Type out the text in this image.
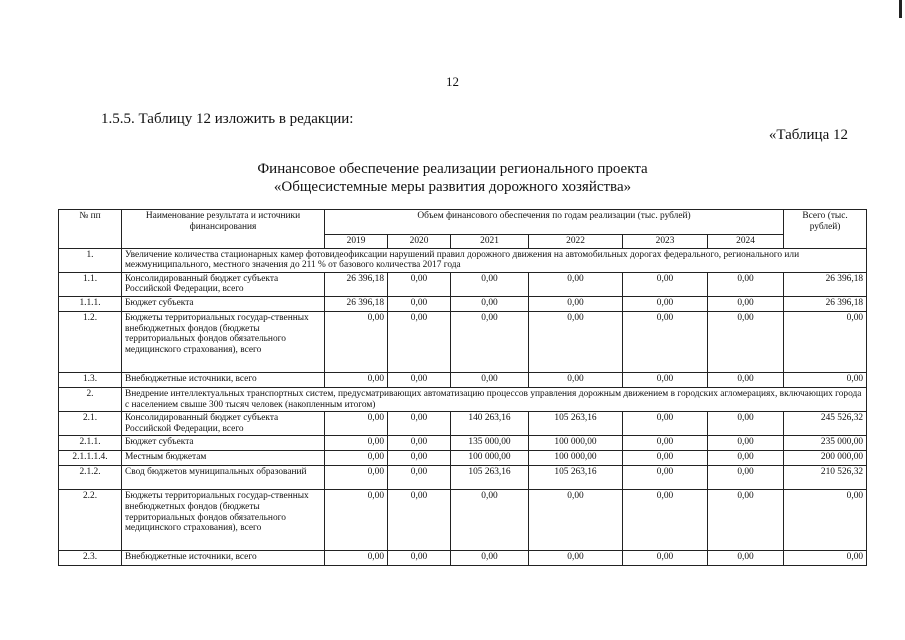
12
1.5.5. Таблицу 12 изложить в редакции:
«Таблица 12
Финансовое обеспечение реализации регионального проекта
«Общесистемные меры развития дорожного хозяйства»
№ пп	Наименование результата и источники финансирования	Объем финансового обеспечения по годам реализации (тыс. рублей)						Всего (тыс. рублей)
		2019	2020	2021	2022	2023	2024	
1.	Увеличение количества стационарных камер фотовидеофиксации нарушений правил дорожного движения на автомобильных дорогах федерального, регионального или межмуниципального, местного значения до 211 % от базового количества 2017 года							
1.1.	Консолидированный бюджет субъекта Российской Федерации, всего	26 396,18	0,00	0,00	0,00	0,00	0,00	26 396,18
1.1.1.	Бюджет субъекта	26 396,18	0,00	0,00	0,00	0,00	0,00	26 396,18
1.2.	Бюджеты территориальных государ-ственных внебюджетных фондов (бюджеты территориальных фондов обязательного медицинского страхования), всего	0,00	0,00	0,00	0,00	0,00	0,00	0,00
1.3.	Внебюджетные источники, всего	0,00	0,00	0,00	0,00	0,00	0,00	0,00
2.	Внедрение интеллектуальных транспортных систем, предусматривающих автоматизацию процессов управления дорожным движением в городских агломерациях, включающих города с населением свыше 300 тысяч человек (накопленным итогом)							
2.1.	Консолидированный бюджет субъекта Российской Федерации, всего	0,00	0,00	140 263,16	105 263,16	0,00	0,00	245 526,32
2.1.1.	Бюджет субъекта	0,00	0,00	135 000,00	100 000,00	0,00	0,00	235 000,00
2.1.1.1.4.	Местным бюджетам	0,00	0,00	100 000,00	100 000,00	0,00	0,00	200 000,00
2.1.2.	Свод бюджетов муниципальных образований	0,00	0,00	105 263,16	105 263,16	0,00	0,00	210 526,32
2.2.	Бюджеты территориальных государ-ственных внебюджетных фондов (бюджеты территориальных фондов обязательного медицинского страхования), всего	0,00	0,00	0,00	0,00	0,00	0,00	0,00
2.3.	Внебюджетные источники, всего	0,00	0,00	0,00	0,00	0,00	0,00	0,00
